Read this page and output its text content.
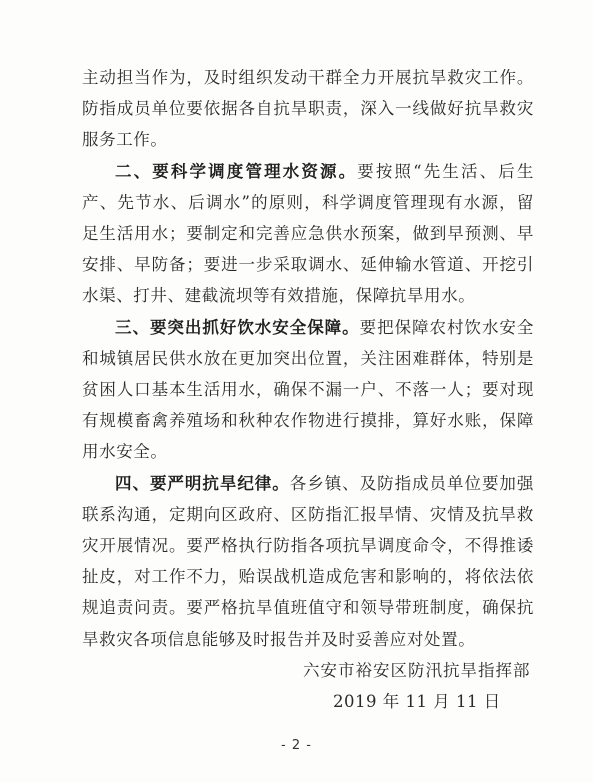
主动担当作为，及时组织发动干群全力开展抗旱救灾工作。防指成员单位要依据各自抗旱职责，深入一线做好抗旱救灾服务工作。

二、要科学调度管理水资源。要按照“先生活、后生产、先节水、后调水”的原则，科学调度管理现有水源，留足生活用水；要制定和完善应急供水预案，做到早预测、早安排、早防备；要进一步采取调水、延伸输水管道、开挖引水渠、打井、建截流坝等有效措施，保障抗旱用水。

三、要突出抓好饮水安全保障。要把保障农村饮水安全和城镇居民供水放在更加突出位置，关注困难群体，特别是贫困人口基本生活用水，确保不漏一户、不落一人；要对现有规模畜禽养殖场和秋种农作物进行摸排，算好水账，保障用水安全。

四、要严明抗旱纪律。各乡镇、及防指成员单位要加强联系沟通，定期向区政府、区防指汇报旱情、灾情及抗旱救灾开展情况。要严格执行防指各项抗旱调度命令，不得推诿扯皮，对工作不力，贻误战机造成危害和影响的，将依法依规追责问责。要严格抗旱值班值守和领导带班制度，确保抗旱救灾各项信息能够及时报告并及时妥善应对处置。

六安市裕安区防汛抗旱指挥部
2019 年 11 月 11 日
- 2 -
